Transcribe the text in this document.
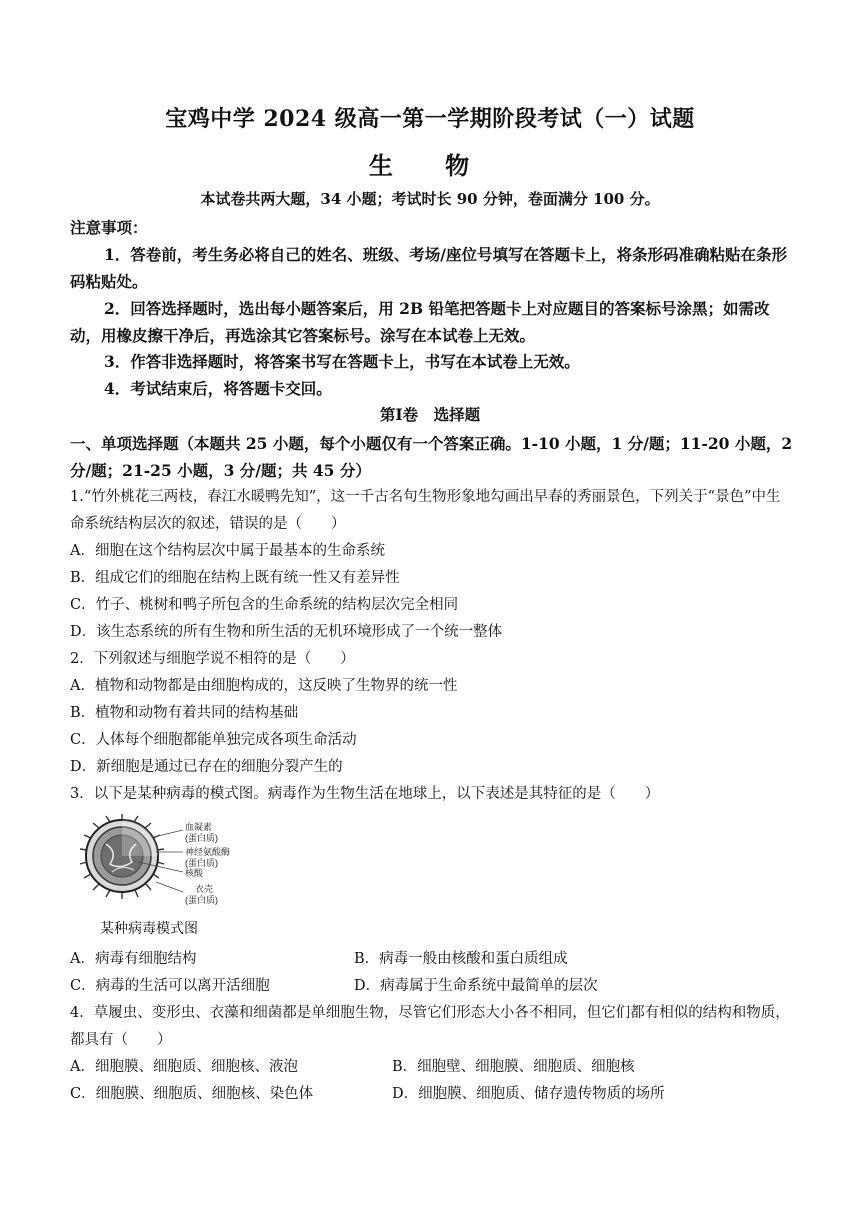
宝鸡中学 2024 级高一第一学期阶段考试（一）试题
生 物
本试卷共两大题，34 小题；考试时长 90 分钟，卷面满分 100 分。
注意事项：
1．答卷前，考生务必将自己的姓名、班级、考场/座位号填写在答题卡上，将条形码准确粘贴在条形码粘贴处。
2．回答选择题时，选出每小题答案后，用 2B 铅笔把答题卡上对应题目的答案标号涂黑；如需改动，用橡皮擦干净后，再选涂其它答案标号。涂写在本试卷上无效。
3．作答非选择题时，将答案书写在答题卡上，书写在本试卷上无效。
4．考试结束后，将答题卡交回。
第Ⅰ卷　选择题
一、单项选择题（本题共 25 小题，每个小题仅有一个答案正确。1-10 小题，1 分/题；11-20 小题，2 分/题；21-25 小题，3 分/题；共 45 分）
1.“竹外桃花三两枝，春江水暖鸭先知”，这一千古名句生物形象地勾画出早春的秀丽景色，下列关于“景色”中生命系统结构层次的叙述，错误的是（　　）
A．细胞在这个结构层次中属于最基本的生命系统
B．组成它们的细胞在结构上既有统一性又有差异性
C．竹子、桃树和鸭子所包含的生命系统的结构层次完全相同
D．该生态系统的所有生物和所生活的无机环境形成了一个统一整体
2．下列叙述与细胞学说不相符的是（　　）
A．植物和动物都是由细胞构成的，这反映了生物界的统一性
B．植物和动物有着共同的结构基础
C．人体每个细胞都能单独完成各项生命活动
D．新细胞是通过已存在的细胞分裂产生的
3．以下是某种病毒的模式图。病毒作为生物生活在地球上，以下表述是其特征的是（　　）
血凝素
(蛋白质)
神经氨酸酶
(蛋白质)
核酸
衣壳
(蛋白质)
某种病毒模式图
A．病毒有细胞结构	B．病毒一般由核酸和蛋白质组成
C．病毒的生活可以离开活细胞	D．病毒属于生命系统中最简单的层次
4．草履虫、变形虫、衣藻和细菌都是单细胞生物，尽管它们形态大小各不相同，但它们都有相似的结构和物质，都具有（　　）
A．细胞膜、细胞质、细胞核、液泡	B．细胞壁、细胞膜、细胞质、细胞核
C．细胞膜、细胞质、细胞核、染色体	D．细胞膜、细胞质、储存遗传物质的场所
